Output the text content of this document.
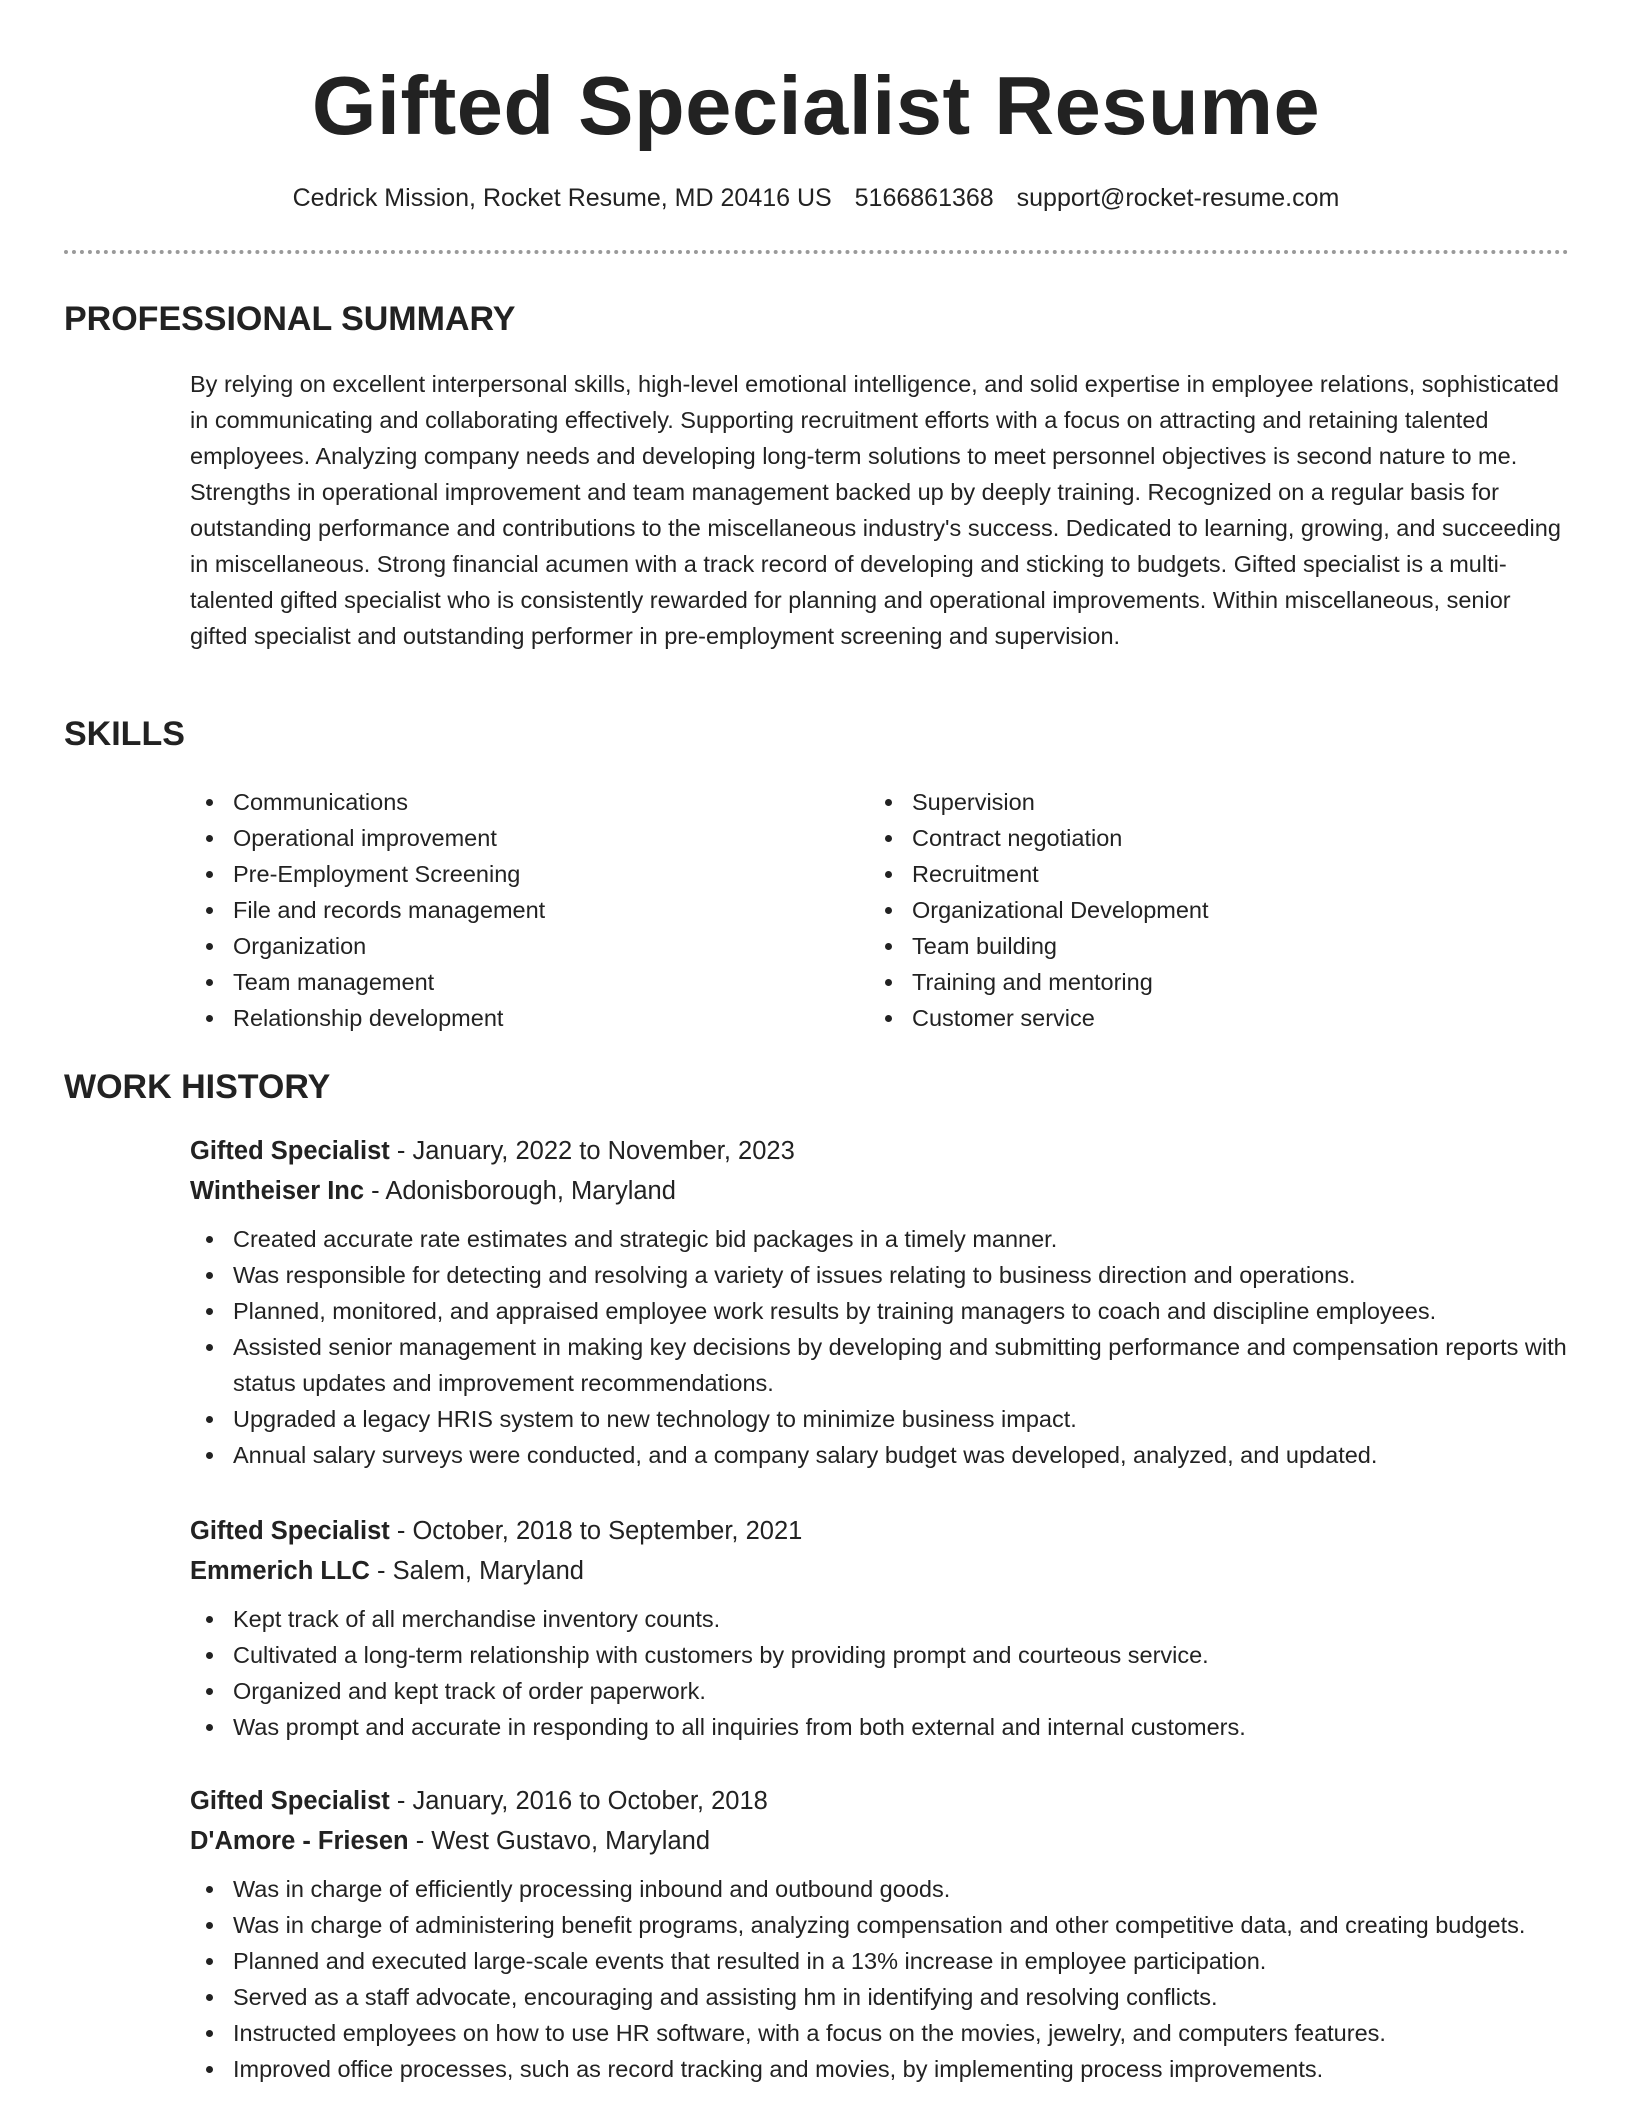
Gifted Specialist Resume
Cedrick Mission, Rocket Resume, MD 20416 US 5166861368 support@rocket-resume.com
PROFESSIONAL SUMMARY

By relying on excellent interpersonal skills, high-level emotional intelligence, and solid expertise in employee relations, sophisticated in communicating and collaborating effectively. Supporting recruitment efforts with a focus on attracting and retaining talented employees. Analyzing company needs and developing long-term solutions to meet personnel objectives is second nature to me. Strengths in operational improvement and team management backed up by deeply training. Recognized on a regular basis for outstanding performance and contributions to the miscellaneous industry's success. Dedicated to learning, growing, and succeeding in miscellaneous. Strong financial acumen with a track record of developing and sticking to budgets. Gifted specialist is a multi-talented gifted specialist who is consistently rewarded for planning and operational improvements. Within miscellaneous, senior gifted specialist and outstanding performer in pre-employment screening and supervision.

SKILLS
Communications
Operational improvement
Pre-Employment Screening
File and records management
Organization
Team management
Relationship development
Supervision
Contract negotiation
Recruitment
Organizational Development
Team building
Training and mentoring
Customer service
WORK HISTORY
Gifted Specialist - January, 2022 to November, 2023
Wintheiser Inc - Adonisborough, Maryland
Created accurate rate estimates and strategic bid packages in a timely manner.
Was responsible for detecting and resolving a variety of issues relating to business direction and operations.
Planned, monitored, and appraised employee work results by training managers to coach and discipline employees.
Assisted senior management in making key decisions by developing and submitting performance and compensation reports with status updates and improvement recommendations.
Upgraded a legacy HRIS system to new technology to minimize business impact.
Annual salary surveys were conducted, and a company salary budget was developed, analyzed, and updated.
Gifted Specialist - October, 2018 to September, 2021
Emmerich LLC - Salem, Maryland
Kept track of all merchandise inventory counts.
Cultivated a long-term relationship with customers by providing prompt and courteous service.
Organized and kept track of order paperwork.
Was prompt and accurate in responding to all inquiries from both external and internal customers.
Gifted Specialist - January, 2016 to October, 2018
D'Amore - Friesen - West Gustavo, Maryland
Was in charge of efficiently processing inbound and outbound goods.
Was in charge of administering benefit programs, analyzing compensation and other competitive data, and creating budgets.
Planned and executed large-scale events that resulted in a 13% increase in employee participation.
Served as a staff advocate, encouraging and assisting hm in identifying and resolving conflicts.
Instructed employees on how to use HR software, with a focus on the movies, jewelry, and computers features.
Improved office processes, such as record tracking and movies, by implementing process improvements.
